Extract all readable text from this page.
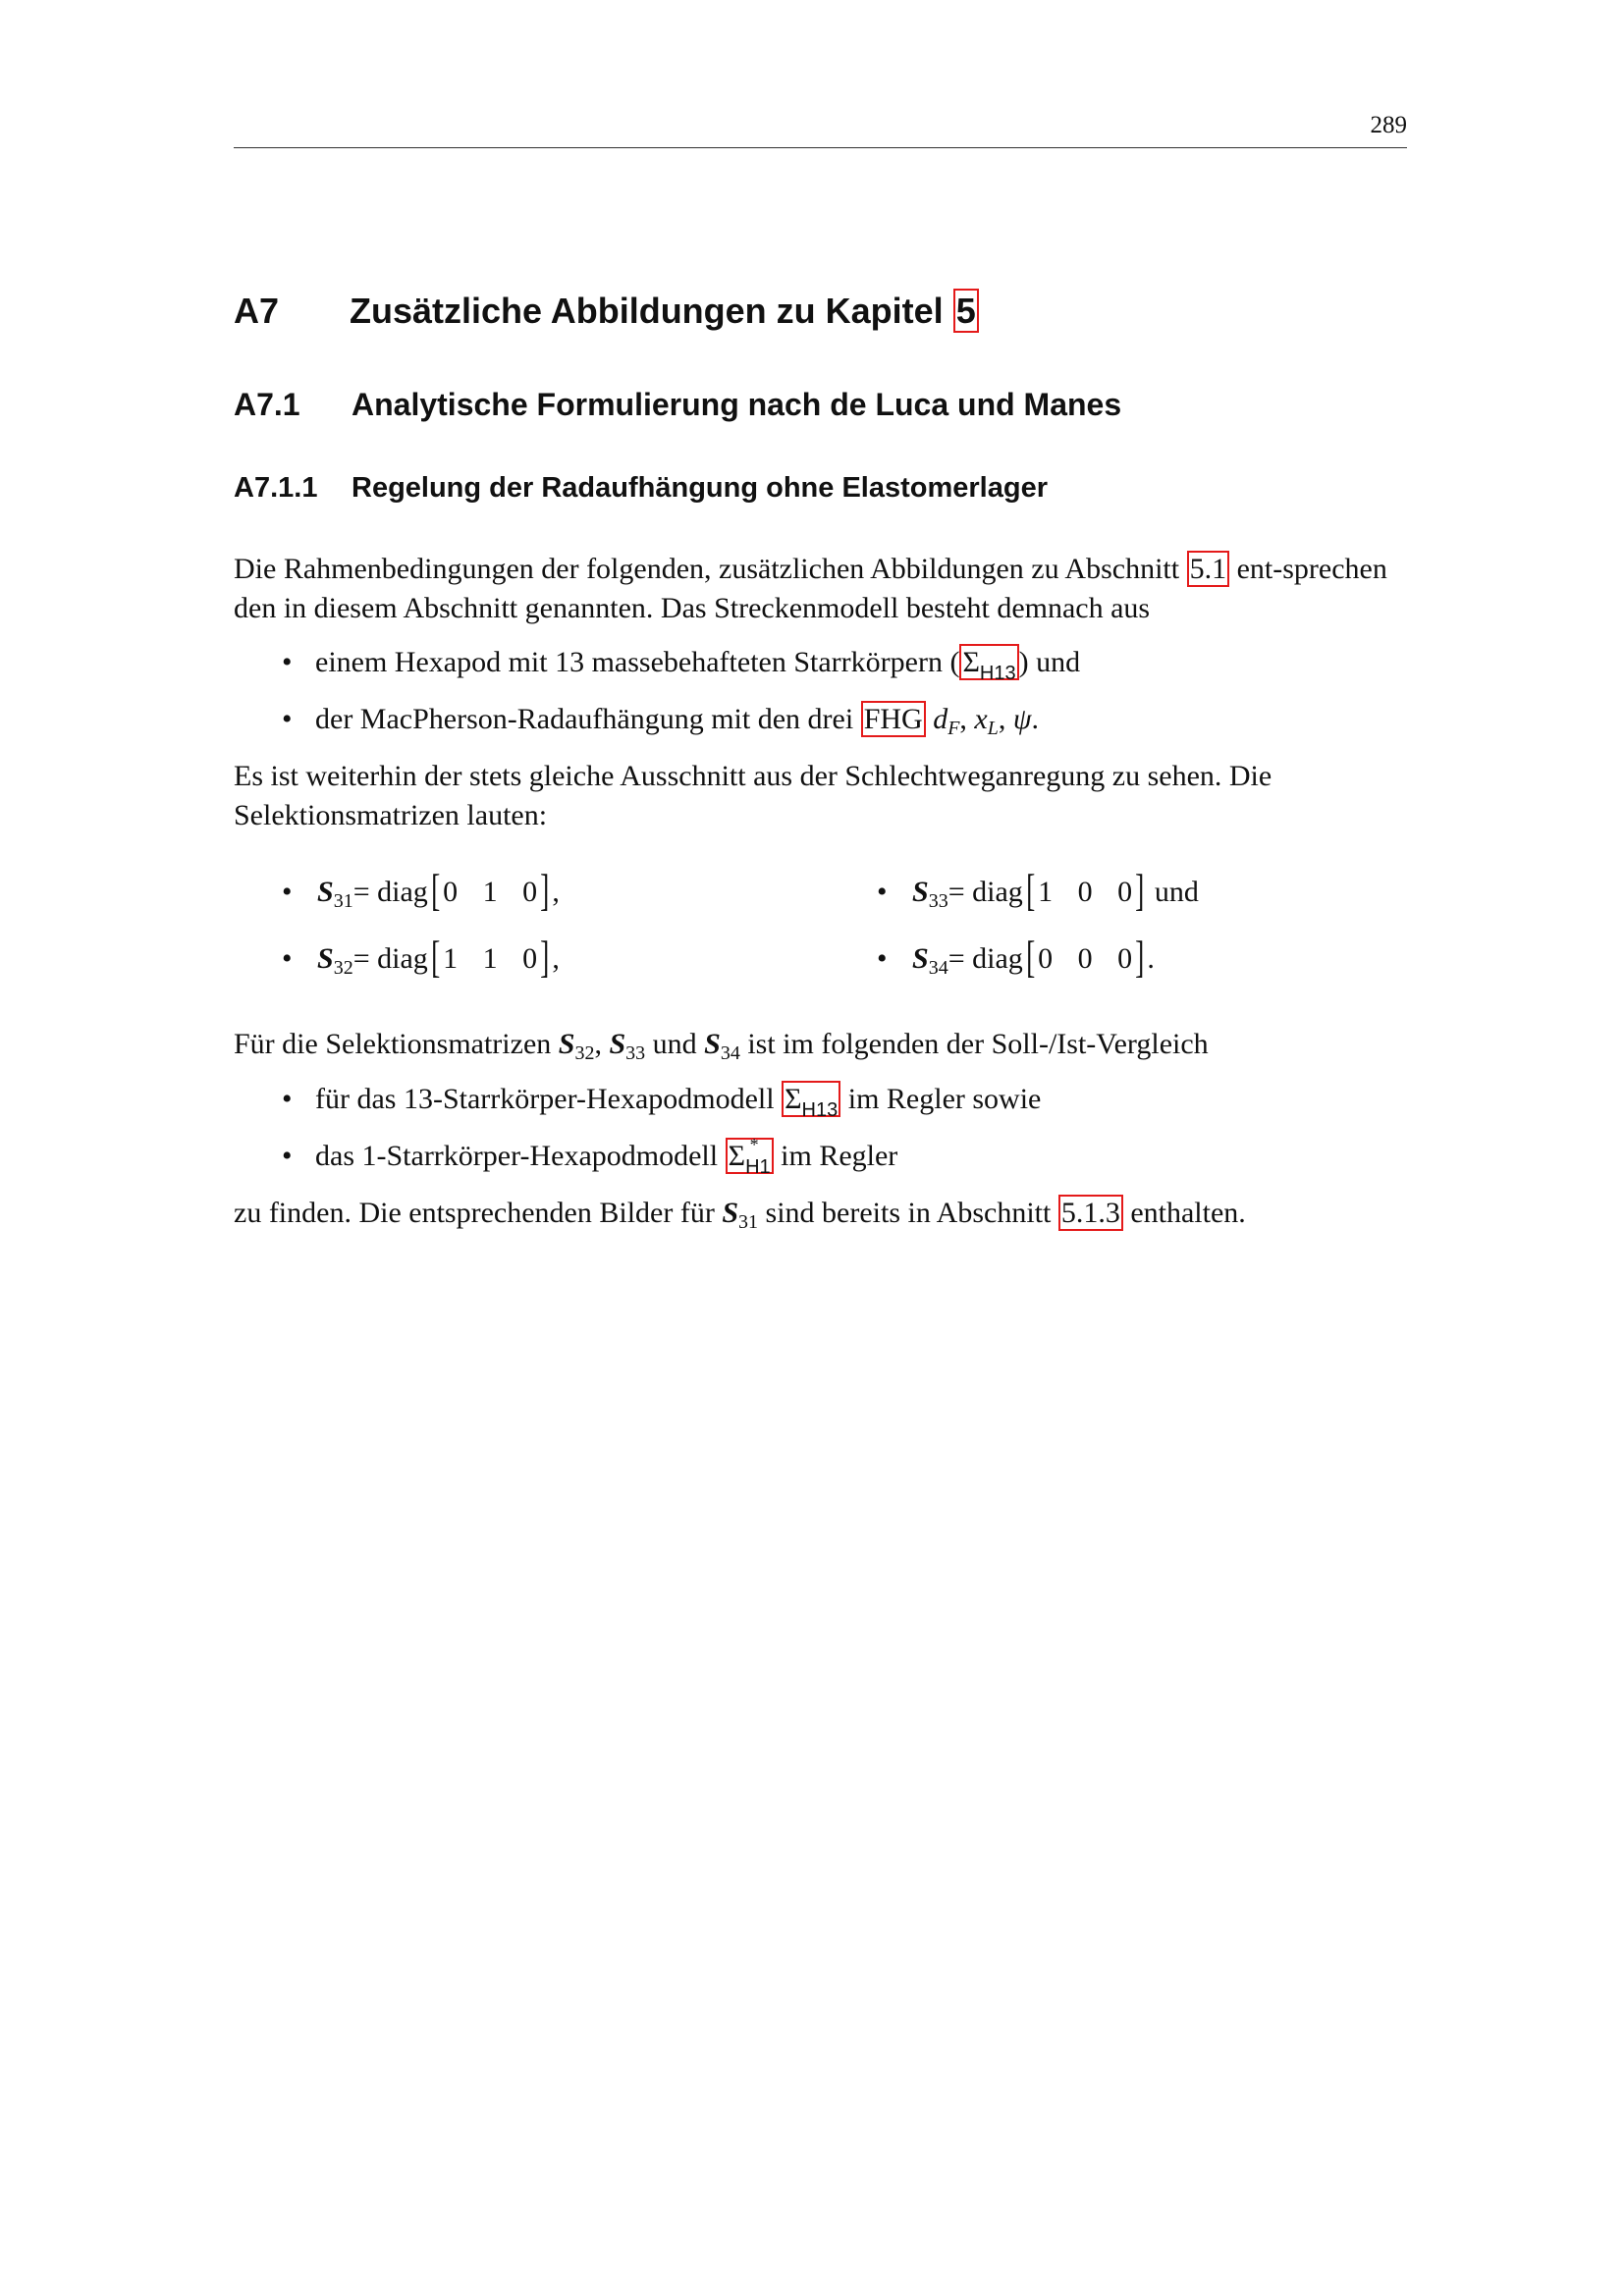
289
A7 Zusätzliche Abbildungen zu Kapitel 5
A7.1 Analytische Formulierung nach de Luca und Manes
A7.1.1 Regelung der Radaufhängung ohne Elastomerlager
Die Rahmenbedingungen der folgenden, zusätzlichen Abbildungen zu Abschnitt 5.1 ent-sprechen den in diesem Abschnitt genannten. Das Streckenmodell besteht demnach aus
• einem Hexapod mit 13 massebehafteten Starrkörpern ( $\Sigma_{H13}$ ) und
• der MacPherson-Radaufhängung mit den drei FHG $d_F$, $x_L$, ψ.
Es ist weiterhin der stets gleiche Ausschnitt aus der Schlechtweganregung zu sehen. Die Selektionsmatrizen lauten:
• $S_{31}=$ diag[ 0 1 0] ,
• $S_{32}=$ diag[ 1 1 0] ,
• $S_{33}=$ diag[ 1 0 0] und
• $S_{34}=$ diag[ 0 0 0] .
Für die Selektionsmatrizen $S_{32}$, $S_{33}$ und $S_{34}$ ist im folgenden der Soll-/Ist-Vergleich
• für das 13-Starrkörper-Hexapodmodell $\Sigma_{H13}$ im Regler sowie
• das 1-Starrkörper-Hexapodmodell Σ *
$_{H1}$ im Regler
zu finden. Die entsprechenden Bilder für $S_{31}$ sind bereits in Abschnitt 5.1.3 enthalten.
